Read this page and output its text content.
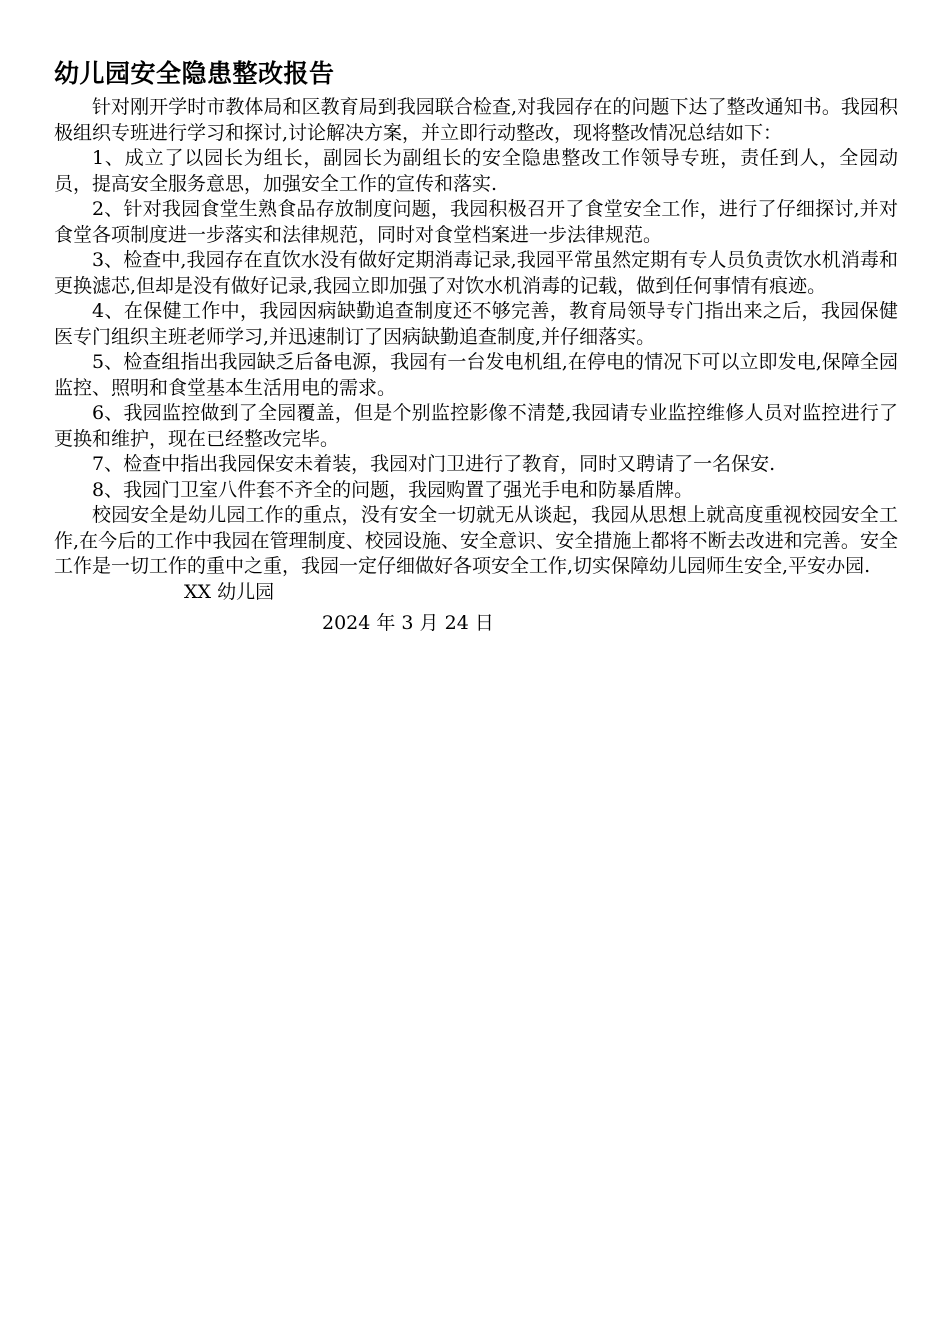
幼儿园安全隐患整改报告

针对刚开学时市教体局和区教育局到我园联合检查,对我园存在的问题下达了整改通知书。我园积极组织专班进行学习和探讨,讨论解决方案，并立即行动整改，现将整改情况总结如下：

1、成立了以园长为组长，副园长为副组长的安全隐患整改工作领导专班，责任到人，全园动员，提高安全服务意思，加强安全工作的宣传和落实.

2、针对我园食堂生熟食品存放制度问题，我园积极召开了食堂安全工作，进行了仔细探讨,并对食堂各项制度进一步落实和法律规范，同时对食堂档案进一步法律规范。

3、检查中,我园存在直饮水没有做好定期消毒记录,我园平常虽然定期有专人员负责饮水机消毒和更换滤芯,但却是没有做好记录,我园立即加强了对饮水机消毒的记载，做到任何事情有痕迹。

4、在保健工作中，我园因病缺勤追查制度还不够完善，教育局领导专门指出来之后，我园保健医专门组织主班老师学习,并迅速制订了因病缺勤追查制度,并仔细落实。

5、检查组指出我园缺乏后备电源，我园有一台发电机组,在停电的情况下可以立即发电,保障全园监控、照明和食堂基本生活用电的需求。

6、我园监控做到了全园覆盖，但是个别监控影像不清楚,我园请专业监控维修人员对监控进行了更换和维护，现在已经整改完毕。

7、检查中指出我园保安未着装，我园对门卫进行了教育，同时又聘请了一名保安.

8、我园门卫室八件套不齐全的问题，我园购置了强光手电和防暴盾牌。

校园安全是幼儿园工作的重点，没有安全一切就无从谈起，我园从思想上就高度重视校园安全工作,在今后的工作中我园在管理制度、校园设施、安全意识、安全措施上都将不断去改进和完善。安全工作是一切工作的重中之重，我园一定仔细做好各项安全工作,切实保障幼儿园师生安全,平安办园.

XX 幼儿园

2024 年 3 月 24 日
